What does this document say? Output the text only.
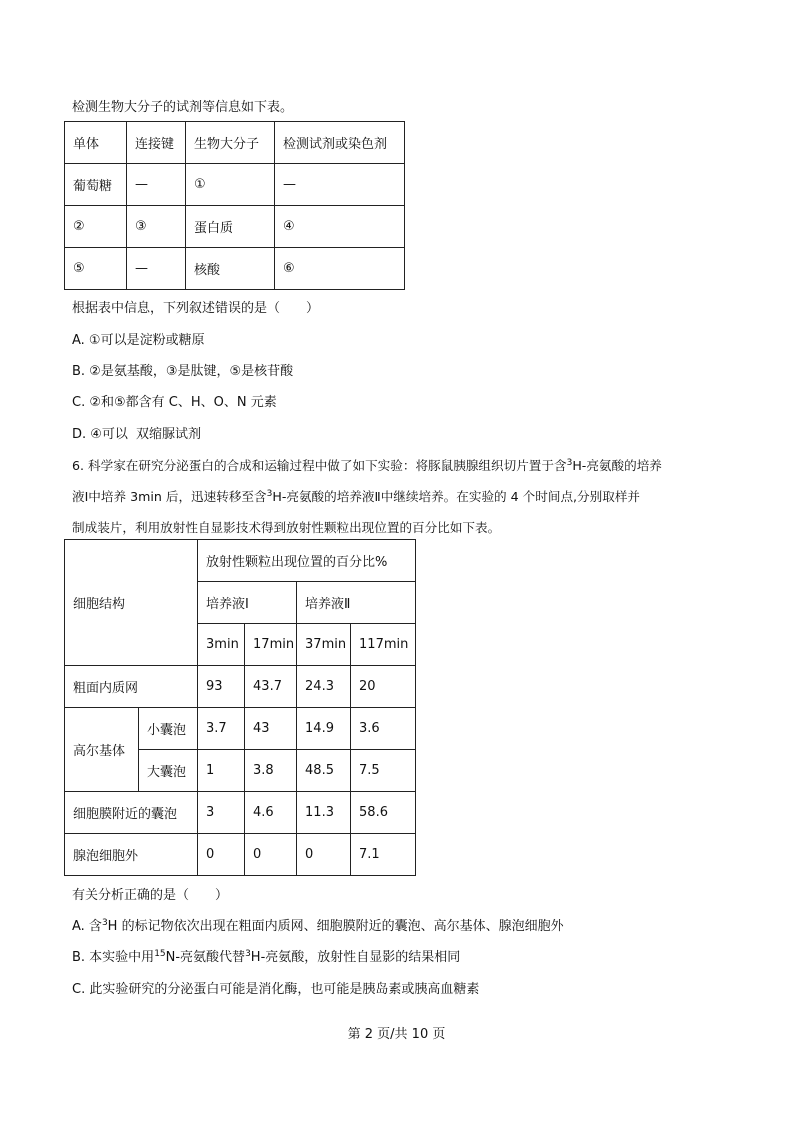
检测生物大分子的试剂等信息如下表。
单体	连接键	生物大分子	检测试剂或染色剂
葡萄糖	—	①	—
②	③	蛋白质	④
⑤	—	核酸	⑥
根据表中信息，下列叙述错误的是（　　）
A. ①可以是淀粉或糖原
B. ②是氨基酸，③是肽键，⑤是核苷酸
C. ②和⑤都含有 C、H、O、N 元素
D. ④可以 双缩脲试剂
6. 科学家在研究分泌蛋白的合成和运输过程中做了如下实验：将豚鼠胰腺组织切片置于含$^3$H-亮氨酸的培养
液Ⅰ中培养 3min 后，迅速转移至含$^3$H-亮氨酸的培养液Ⅱ中继续培养。在实验的 4 个时间点,分别取样并
制成装片，利用放射性自显影技术得到放射性颗粒出现位置的百分比如下表。
细胞结构		放射性颗粒出现位置的百分比%			
		培养液Ⅰ		培养液Ⅱ	
		3min	17min	37min	117min
粗面内质网		93	43.7	24.3	20
高尔基体	小囊泡	3.7	43	14.9	3.6
	大囊泡	1	3.8	48.5	7.5
细胞膜附近的囊泡		3	4.6	11.3	58.6
腺泡细胞外		0	0	0	7.1
有关分析正确的是（　　）
A. 含$^3$H 的标记物依次出现在粗面内质网、细胞膜附近的囊泡、高尔基体、腺泡细胞外
B. 本实验中用$^{15}$N-亮氨酸代替$^3$H-亮氨酸，放射性自显影的结果相同
C. 此实验研究的分泌蛋白可能是消化酶，也可能是胰岛素或胰高血糖素
第 2 页/共 10 页
